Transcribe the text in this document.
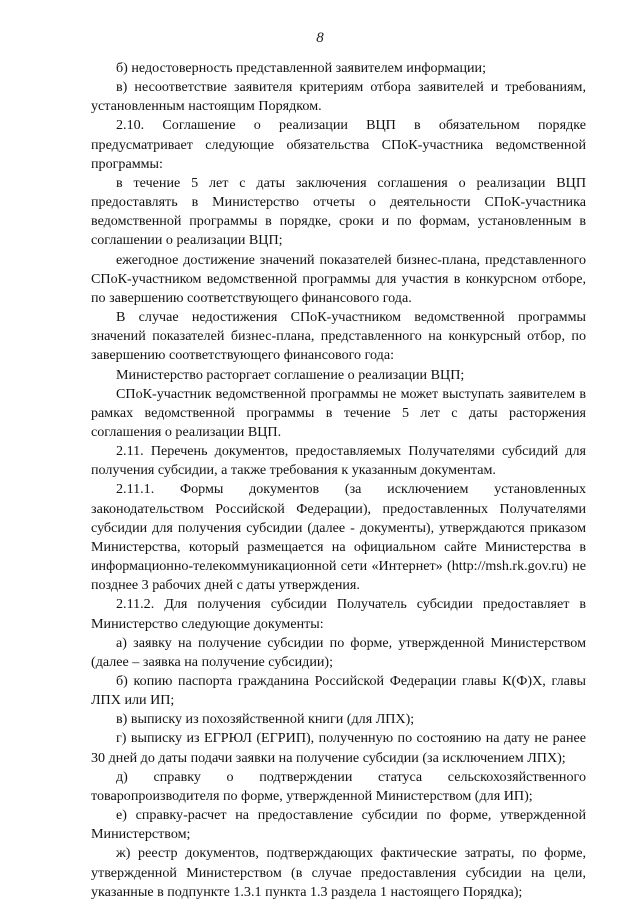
8

б) недостоверность представленной заявителем информации;

в) несоответствие заявителя критериям отбора заявителей и требованиям, установленным настоящим Порядком.

2.10. Соглашение о реализации ВЦП в обязательном порядке предусматривает следующие обязательства СПоК-участника ведомственной программы:

в течение 5 лет с даты заключения соглашения о реализации ВЦП предоставлять в Министерство отчеты о деятельности СПоК-участника ведомственной программы в порядке, сроки и по формам, установленным в соглашении о реализации ВЦП;

ежегодное достижение значений показателей бизнес-плана, представленного СПоК-участником ведомственной программы для участия в конкурсном отборе, по завершению соответствующего финансового года.

В случае недостижения СПоК-участником ведомственной программы значений показателей бизнес-плана, представленного на конкурсный отбор, по завершению соответствующего финансового года:

Министерство расторгает соглашение о реализации ВЦП;

СПоК-участник ведомственной программы не может выступать заявителем в рамках ведомственной программы в течение 5 лет с даты расторжения соглашения о реализации ВЦП.

2.11. Перечень документов, предоставляемых Получателями субсидий для получения субсидии, а также требования к указанным документам.

2.11.1. Формы документов (за исключением установленных законодательством Российской Федерации), предоставленных Получателями субсидии для получения субсидии (далее - документы), утверждаются приказом Министерства, который размещается на официальном сайте Министерства в информационно-телекоммуникационной сети «Интернет» (http://msh.rk.gov.ru) не позднее 3 рабочих дней с даты утверждения.

2.11.2. Для получения субсидии Получатель субсидии предоставляет в Министерство следующие документы:

а) заявку на получение субсидии по форме, утвержденной Министерством (далее – заявка на получение субсидии);

б) копию паспорта гражданина Российской Федерации главы К(Ф)Х, главы ЛПХ или ИП;

в) выписку из похозяйственной книги (для ЛПХ);

г) выписку из ЕГРЮЛ (ЕГРИП), полученную по состоянию на дату не ранее 30 дней до даты подачи заявки на получение субсидии (за исключением ЛПХ);

д) справку о подтверждении статуса сельскохозяйственного товаропроизводителя по форме, утвержденной Министерством (для ИП);

е) справку-расчет на предоставление субсидии по форме, утвержденной Министерством;

ж) реестр документов, подтверждающих фактические затраты, по форме, утвержденной Министерством (в случае предоставления субсидии на цели, указанные в подпункте 1.3.1 пункта 1.3 раздела 1 настоящего Порядка);
